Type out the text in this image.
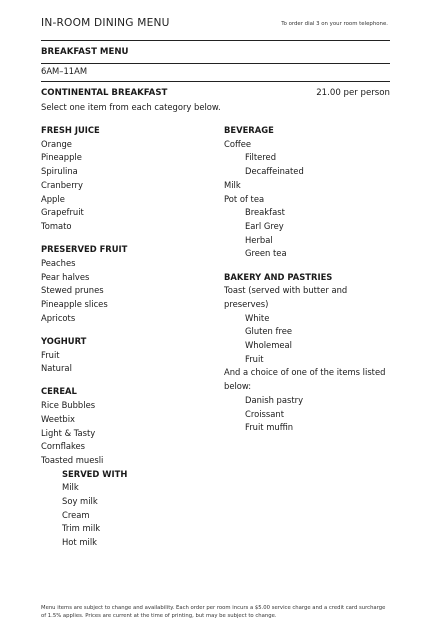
IN-ROOM DINING MENU	To order dial 3 on your room telephone.
BREAKFAST MENU
6AM–11AM
CONTINENTAL BREAKFAST	21.00 per person
Select one item from each category below.
FRESH JUICE
Orange
Pineapple
Spirulina
Cranberry
Apple
Grapefruit
Tomato
PRESERVED FRUIT
Peaches
Pear halves
Stewed prunes
Pineapple slices
Apricots
YOGHURT
Fruit
Natural
CEREAL
Rice Bubbles
Weetbix
Light & Tasty
Cornflakes
Toasted muesli
SERVED WITH
Milk
Soy milk
Cream
Trim milk
Hot milk
BEVERAGE
Coffee
Filtered
Decaffeinated
Milk
Pot of tea
Breakfast
Earl Grey
Herbal
Green tea
BAKERY AND PASTRIES
Toast (served with butter and preserves)
White
Gluten free
Wholemeal
Fruit
And a choice of one of the items listed below:
Danish pastry
Croissant
Fruit muffin
Menu items are subject to change and availability. Each order per room incurs a $5.00 service charge and a credit card surcharge of 1.5% applies. Prices are current at the time of printing, but may be subject to change.
